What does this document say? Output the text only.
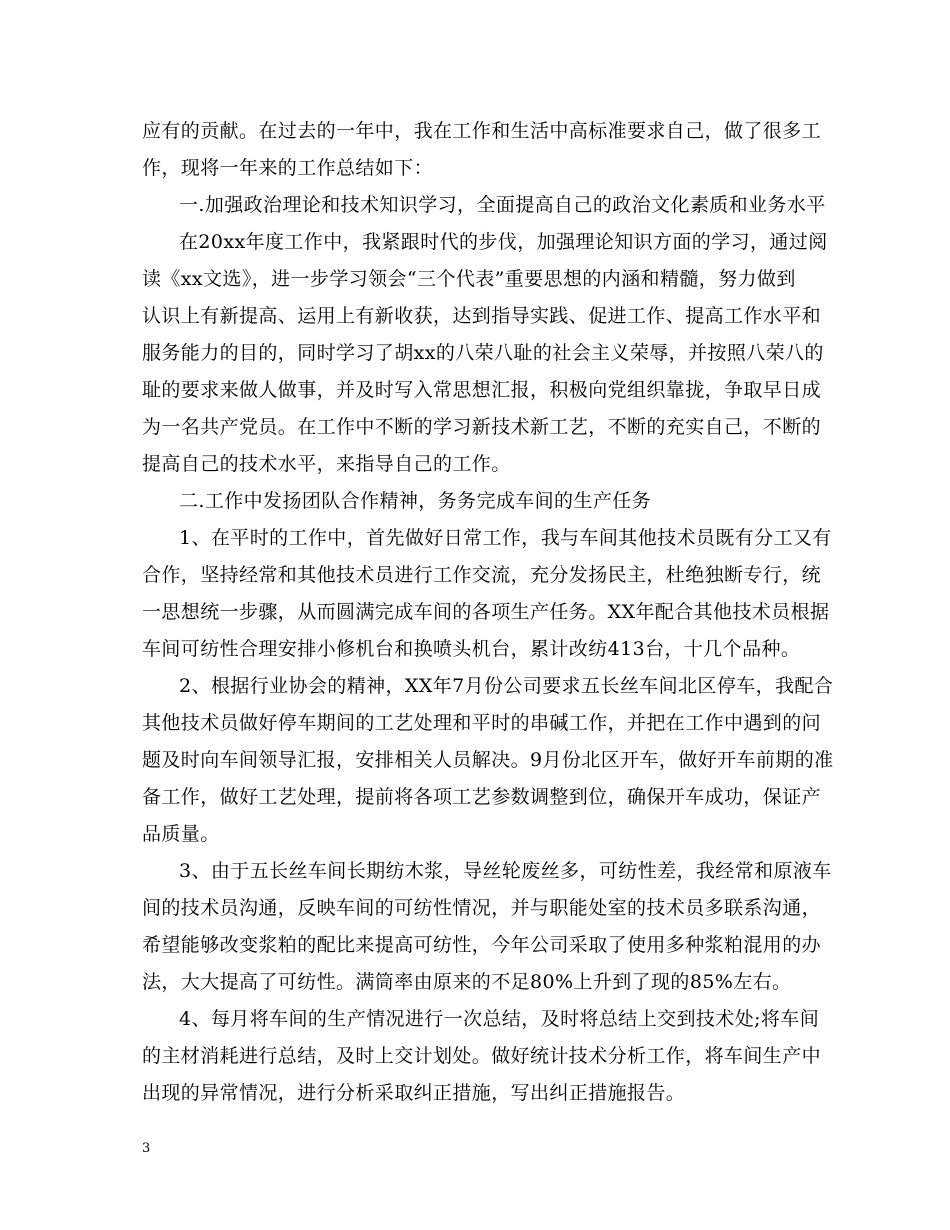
应有的贡献。在过去的一年中，我在工作和生活中高标准要求自己，做了很多工
作，现将一年来的工作总结如下：
一.加强政治理论和技术知识学习，全面提高自己的政治文化素质和业务水平
在20xx年度工作中，我紧跟时代的步伐，加强理论知识方面的学习，通过阅
读《xx文选》，进一步学习领会“三个代表”重要思想的内涵和精髓，努力做到
认识上有新提高、运用上有新收获，达到指导实践、促进工作、提高工作水平和
服务能力的目的，同时学习了胡xx的八荣八耻的社会主义荣辱，并按照八荣八的
耻的要求来做人做事，并及时写入常思想汇报，积极向党组织靠拢，争取早日成
为一名共产党员。在工作中不断的学习新技术新工艺，不断的充实自己，不断的
提高自己的技术水平，来指导自己的工作。
二.工作中发扬团队合作精神，务务完成车间的生产任务
1、在平时的工作中，首先做好日常工作，我与车间其他技术员既有分工又有
合作，坚持经常和其他技术员进行工作交流，充分发扬民主，杜绝独断专行，统
一思想统一步骤，从而圆满完成车间的各项生产任务。XX年配合其他技术员根据
车间可纺性合理安排小修机台和换喷头机台，累计改纺413台，十几个品种。
2、根据行业协会的精神，XX年7月份公司要求五长丝车间北区停车，我配合
其他技术员做好停车期间的工艺处理和平时的串碱工作，并把在工作中遇到的问
题及时向车间领导汇报，安排相关人员解决。9月份北区开车，做好开车前期的准
备工作，做好工艺处理，提前将各项工艺参数调整到位，确保开车成功，保证产
品质量。
3、由于五长丝车间长期纺木浆，导丝轮废丝多，可纺性差，我经常和原液车
间的技术员沟通，反映车间的可纺性情况，并与职能处室的技术员多联系沟通，
希望能够改变浆粕的配比来提高可纺性，今年公司采取了使用多种浆粕混用的办
法，大大提高了可纺性。满筒率由原来的不足80%上升到了现的85%左右。
4、每月将车间的生产情况进行一次总结，及时将总结上交到技术处;将车间
的主材消耗进行总结，及时上交计划处。做好统计技术分析工作，将车间生产中
出现的异常情况，进行分析采取纠正措施，写出纠正措施报告。
3
